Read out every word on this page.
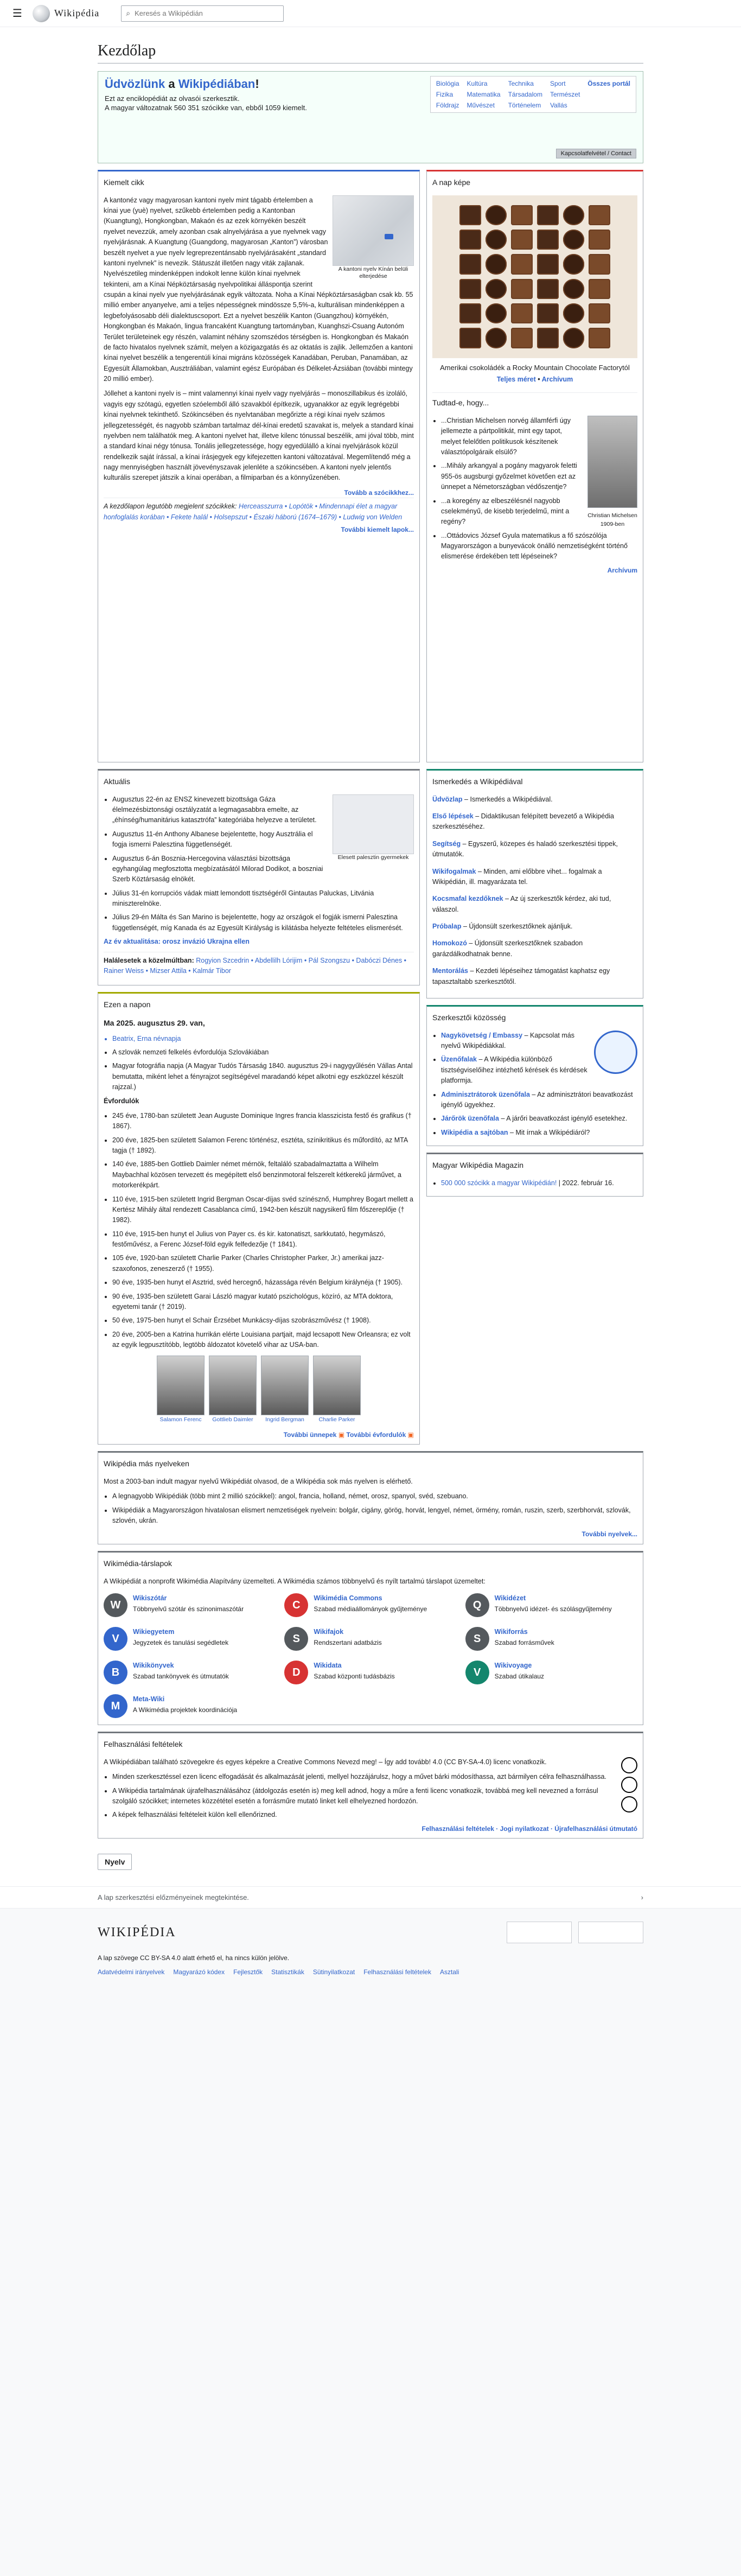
☰	Wikipédia	⌕
Keresés a Wikipédián
Kezdőlap
Üdvözlünk a Wikipédiában!

Ezt az enciklopédiát az olvasói szerkesztik.

A magyar változatnak 560 351 szócikke van, ebből 1059 kiemelt.

Biológia Kultúra	Technika	Sport	Összes portál
Fizika	Matematika Társadalom Természet
Földrajz Művészet	Történelem Vallás
Kapcsolatfelvétel / Contact
Kiemelt cikk
A kantoni nyelv Kínán belüli elterjedése

A kantonéz vagy magyarosan kantoni nyelv mint tágabb értelemben a kínai yue (yuè) nyelvet, szűkebb értelemben pedig a Kantonban (Kuangtung), Hongkongban, Makaón és az ezek környékén beszélt nyelvet nevezzük, amely azonban csak alnyelvjárása a yue nyelvnek vagy nyelvjárásnak. A Kuangtung (Guangdong, magyarosan „Kanton”) városban beszélt nyelvet a yue nyelv legreprezentánsabb nyelvjárásaként „standard kantoni nyelvnek” is nevezik. Státuszát illetően nagy viták zajlanak. Nyelvészetileg mindenképpen indokolt lenne külön kínai nyelvnek tekinteni, am a Kínai Népköztársaság nyelvpolitikai álláspontja szerint csupán a kínai nyelv yue nyelvjárásának egyik változata. Noha a Kínai Népköztársaságban csak kb. 55 millió ember anyanyelve, ami a teljes népességnek mindössze 5,5%-a, kulturálisan mindenképpen a legbefolyásosabb déli dialektuscsoport. Ezt a nyelvet beszélik Kanton (Guangzhou) környékén, Hongkongban és Makaón, lingua francaként Kuangtung tartományban, Kuanghszi-Csuang Autonóm Terület területeinek egy részén, valamint néhány szomszédos térségben is. Hongkongban és Makaón de facto hivatalos nyelvnek számít, melyen a közigazgatás és az oktatás is zajlik. Jellemzően a kantoni kínai nyelvet beszélik a tengerentúli kínai migráns közösségek Kanadában, Peruban, Panamában, az Egyesült Államokban, Ausztráliában, valamint egész Európában és Délkelet-Ázsiában (további mintegy 20 millió ember).

Jóllehet a kantoni nyelv is – mint valamennyi kínai nyelv vagy nyelvjárás – monoszillabikus és izoláló, vagyis egy szótagú, egyetlen szóelemből álló szavakból építkezik, ugyanakkor az egyik legrégebbi kínai nyelvnek tekinthető. Szókincsében és nyelvtanában megőrizte a régi kínai nyelv számos jellegzetességét, és nagyobb számban tartalmaz dél-kínai eredetű szavakat is, melyek a standard kínai nyelvben nem találhatók meg. A kantoni nyelvet hat, illetve kilenc tónussal beszélik, ami jóval több, mint a standard kínai négy tónusa. Tonális jellegzetessége, hogy egyedülálló a kínai nyelvjárások közül rendelkezik saját írással, a kínai írásjegyek egy kifejezetten kantoni változatával. Megemlítendő még a nagy mennyiségben használt jövevényszavak jelenléte a szókincsében. A kantoni nyelv jelentős kulturális szerepet játszik a kínai operában, a filmiparban és a könnyűzenében.

Tovább a szócikkhez...
A kezdőlapon legutóbb megjelent szócikkek: Herceasszurra • Lopótök • Mindennapi élet a magyar honfoglalás korában • Fekete halál • Holsepszut • Északi háború (1674–1679) • Ludwig von Welden
További kiemelt lapok...
A nap képe
Amerikai csokoládék a Rocky Mountain Chocolate Factorytól
Teljes méret • Archívum
Tudtad-e, hogy...
Christian Michelsen 1909-ben
• ...Christian Michelsen norvég államférfi úgy jellemezte a pártpolitikát, mint egy tapot, melyet felelőtlen politikusok készítenek választópolgáraik elsülő?
• ...Mihály arkangyal a pogány magyarok feletti 955-ös augsburgi győzelmet követően ezt az ünnepet a Németországban védőszentje?
• ...a koregény az elbeszélésnél nagyobb cselekményű, de kisebb terjedelmű, mint a regény?
• ...Ottádovics József Gyula matematikus a fő szószólója Magyarországon a bunyevácok önálló nemzetiségként történő elismerése érdekében tett lépéseinek?
Archívum
Aktuális
Elesett palesztin gyermekek
• Augusztus 22-én az ENSZ kinevezett bizottsága Gáza élelmezésbiztonsági osztályzatát a legmagasabbra emelte, az „éhínség/humanitárius katasztrófa” kategóriába helyezve a területet.
• Augusztus 11-én Anthony Albanese bejelentette, hogy Ausztrália el fogja ismerni Palesztina függetlenségét.
• Augusztus 6-án Bosznia-Hercegovina választási bizottsága egyhangúlag megfosztotta megbízatásától Milorad Dodikot, a boszniai Szerb Köztársaság elnökét.
• Július 31-én korrupciós vádak miatt lemondott tisztségéről Gintautas Paluckas, Litvánia miniszterelnöke.
• Július 29-én Málta és San Marino is bejelentette, hogy az országok el fogják ismerni Palesztina függetlenségét, míg Kanada és az Egyesült Királyság is kilátásba helyezte feltételes elismerését.

Az év aktualitása: orosz invázió Ukrajna ellen

Halálesetek a közelmúltban: Rogyion Szcedrin • Abdellilh Lórijim • Pál Szongszu • Dabóczi Dénes • Rainer Weiss • Mizser Attila • Kalmár Tibor

Ezen a napon

Ma 2025. augusztus 29. van,

• Beatrix, Erna névnapja
• A szlovák nemzeti felkelés évfordulója Szlovákiában
• Magyar fotográfia napja (A Magyar Tudós Társaság 1840. augusztus 29-i nagygyűlésén Vállas Antal bemutatta, miként lehet a fényrajzot segítségével maradandó képet alkotni egy eszközzel készült rajzzal.)

Évfordulók

• 245 éve, 1780-ban született Jean Auguste Dominique Ingres francia klasszicista festő és grafikus († 1867).
• 200 éve, 1825-ben született Salamon Ferenc történész, esztéta, színikritikus és műfordító, az MTA tagja († 1892).
• 140 éve, 1885-ben Gottlieb Daimler német mérnök, feltaláló szabadalmaztatta a Wilhelm Maybachhal közösen tervezett és megépített első benzinmotoral felszerelt kétkerekű járművet, a motorkerékpárt.
• 110 éve, 1915-ben született Ingrid Bergman Oscar-díjas svéd színésznő, Humphrey Bogart mellett a Kertész Mihály által rendezett Casablanca című, 1942-ben készült nagysikerű film főszereplője († 1982).
• 110 éve, 1915-ben hunyt el Julius von Payer cs. és kir. katonatiszt, sarkkutató, hegymászó, festőművész, a Ferenc József-föld egyik felfedezője († 1841).
• 105 éve, 1920-ban született Charlie Parker (Charles Christopher Parker, Jr.) amerikai jazz-szaxofonos, zeneszerző († 1955).
• 90 éve, 1935-ben hunyt el Asztrid, svéd hercegnő, házassága révén Belgium királynéja († 1905).
• 90 éve, 1935-ben született Garai László magyar kutató pszichológus, közíró, az MTA doktora, egyetemi tanár († 2019).
• 50 éve, 1975-ben hunyt el Schair Érzsébet Munkácsy-díjas szobrászművész († 1908).
• 20 éve, 2005-ben a Katrina hurrikán elérte Louisiana partjait, majd lecsapott New Orleansra; ez volt az egyik legpusztítóbb, legtöbb áldozatot követelő vihar az USA-ban.
Salamon Ferenc	Gottlieb Daimler	Ingrid Bergman	Charlie Parker
További ünnepek ▣ További évfordulók ▣
Ismerkedés a Wikipédiával
Üdvözlap – Ismerkedés a Wikipédiával.
Első lépések – Didaktikusan felépített bevezető a Wikipédia szerkesztéséhez.
Segítség – Egyszerű, közepes és haladó szerkesztési tippek, útmutatók.
Wikifogalmak – Minden, ami előbbre vihet... fogalmak a Wikipédián, ill. magyarázata tel.
Kocsmafal kezdőknek – Az új szerkesztők kérdez, aki tud, válaszol.
Próbalap – Újdonsült szerkesztőknek ajánljuk.
Homokozó – Újdonsült szerkesztőknek szabadon garázdálkodhatnak benne.
Mentorálás – Kezdeti lépéseihez támogatást kaphatsz egy tapasztaltabb szerkesztőtől.
Szerkesztői közösség
• Nagykövetség / Embassy – Kapcsolat más nyelvű Wikipédiákkal.
• Üzenőfalak – A Wikipédia különböző tisztségviselőihez intézhető kérések és kérdések platformja.
• Adminisztrátorok üzenőfala – Az adminisztrátori beavatkozást igénylő ügyekhez.
• Járőrök üzenőfala – A járőri beavatkozást igénylő esetekhez.
• Wikipédia a sajtóban – Mit írnak a Wikipédiáról?
Magyar Wikipédia Magazin
• 500 000 szócikk a magyar Wikipédián! | 2022. február 16.
Wikipédia más nyelveken

Most a 2003-ban indult magyar nyelvű Wikipédiát olvasod, de a Wikipédia sok más nyelven is elérhető.

• A legnagyobb Wikipédiák (több mint 2 millió szócikkel): angol, francia, holland, német, orosz, spanyol, svéd, szebuano.
• Wikipédiák a Magyarországon hivatalosan elismert nemzetiségek nyelvein: bolgár, cigány, görög, horvát, lengyel, német, örmény, román, ruszin, szerb, szerbhorvát, szlovák, szlovén, ukrán.
További nyelvek...
Wikimédia-társlapok

A Wikipédiát a nonprofit Wikimédia Alapítvány üzemelteti. A Wikimédia számos többnyelvű és nyílt tartalmú társlapot üzemeltet:

W
Wikiszótár
Többnyelvű szótár és szinonimaszótár	C
Wikimédia Commons
Szabad médiaállományok gyűjteménye	Q
Wikidézet
Többnyelvű idézet- és szólásgyűjtemény
V
Wikiegyetem
Jegyzetek és tanulási segédletek	S
Wikifajok
Rendszertani adatbázis	S
Wikiforrás
Szabad forrásművek
B
Wikikönyvek
Szabad tankönyvek és útmutatók	D
Wikidata
Szabad központi tudásbázis	V
Wikivoyage
Szabad útikalauz
M
Meta-Wiki
A Wikimédia projektek koordinációja
Felhasználási feltételek

A Wikipédiában található szövegekre és egyes képekre a Creative Commons Nevezd meg! – Így add tovább! 4.0 (CC BY-SA-4.0) licenc vonatkozik.

• Minden szerkesztéssel ezen licenc elfogadását és alkalmazását jelenti, mellyel hozzájárulsz, hogy a művet bárki módosíthassa, azt bármilyen célra felhasználhassa.
• A Wikipédia tartalmának újrafelhasználásához (átdolgozás esetén is) meg kell adnod, hogy a műre a fenti licenc vonatkozik, továbbá meg kell nevezned a forrásul szolgáló szócikket; internetes közzététel esetén a forrásműre mutató linket kell elhelyezned hordozón.
• A képek felhasználási feltételeit külön kell ellenőrizned.
Felhasználási feltételek · Jogi nyilatkozat · Újrafelhasználási útmutató
Nyelv
A lap szerkesztési előzményeinek megtekintése.	›
WIKIPÉDIA

A lap szövege CC BY-SA 4.0 alatt érhető el, ha nincs külön jelölve.

Adatvédelmi irányelvek Magyarázó kódex Fejlesztők Statisztikák Sütinyilatkozat Felhasználási feltételek Asztali
